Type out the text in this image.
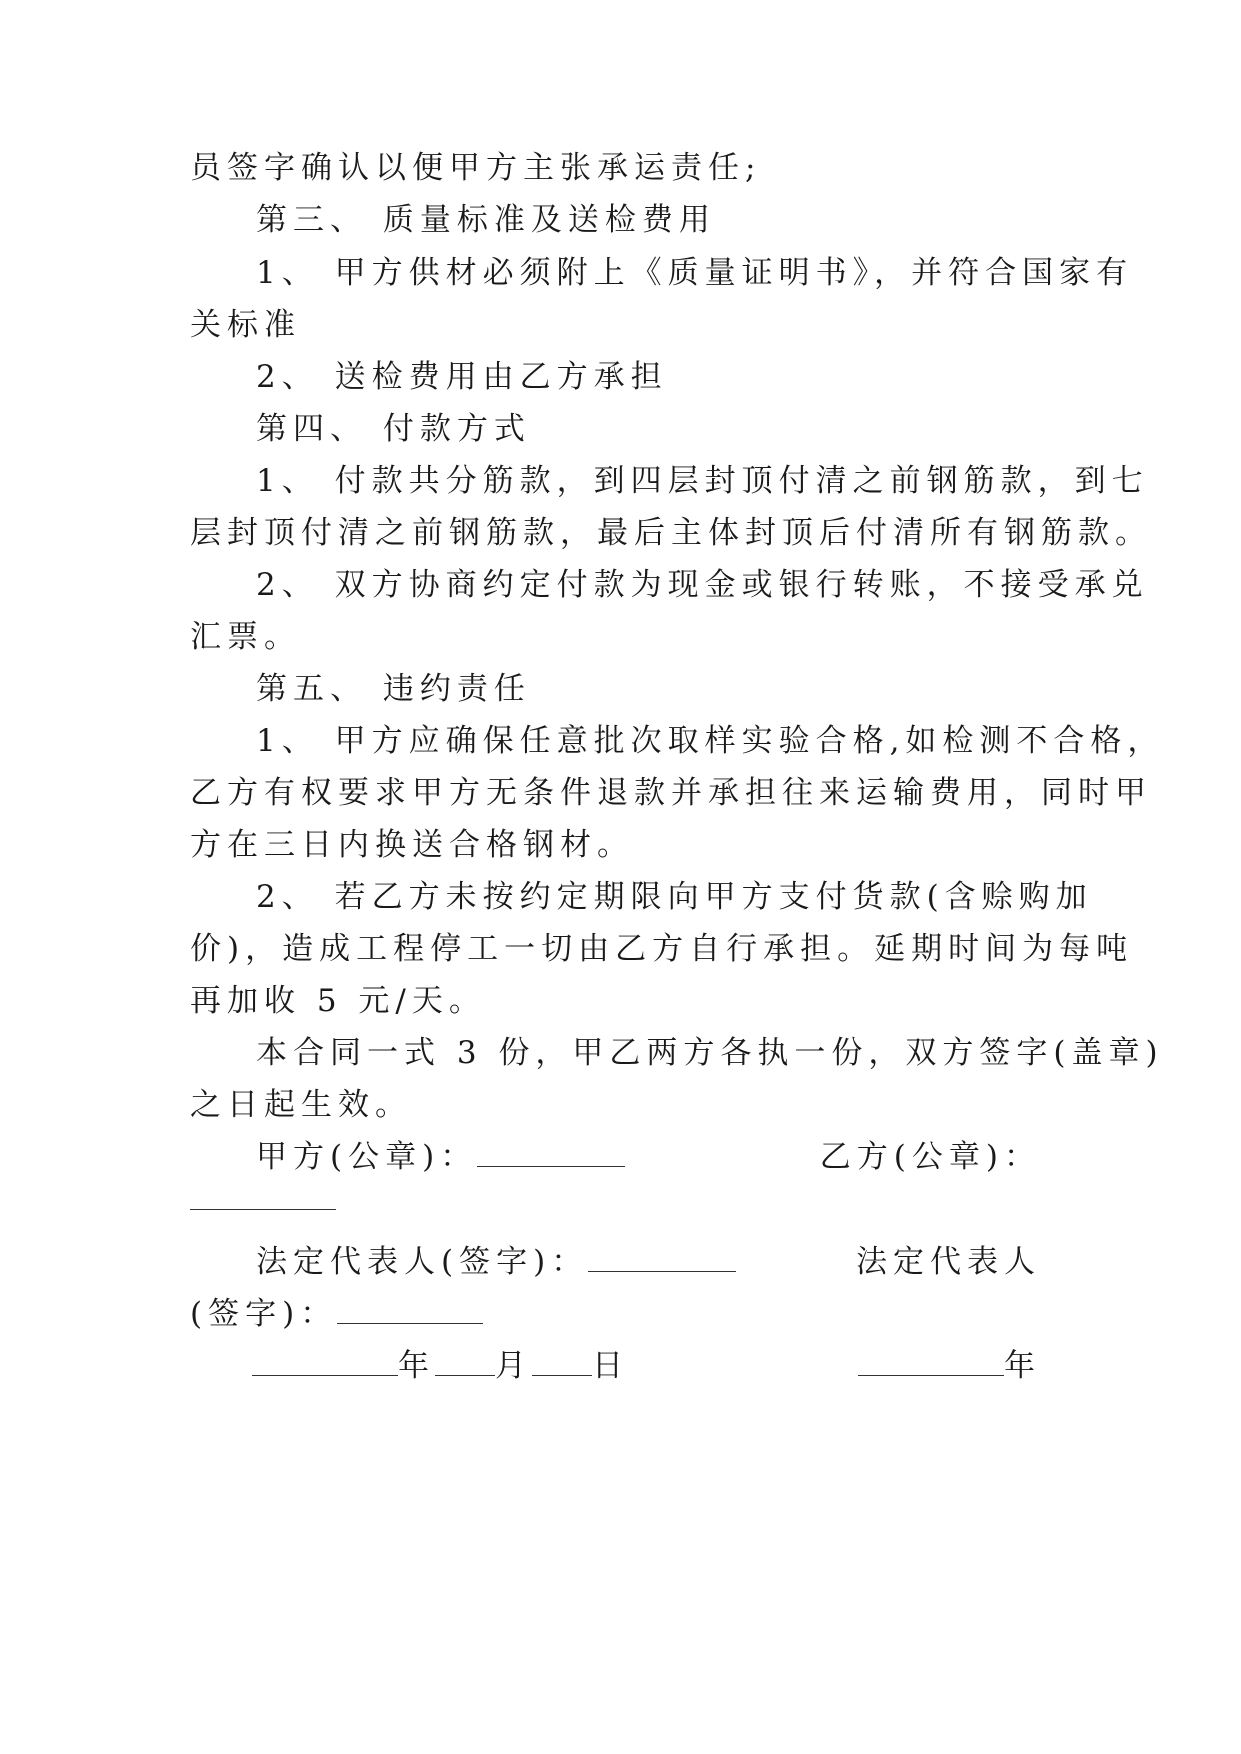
员签字确认以便甲方主张承运责任;
第三、 质量标准及送检费用
1、 甲方供材必须附上《质量证明书》，并符合国家有
关标准
2、 送检费用由乙方承担
第四、 付款方式
1、 付款共分筋款，到四层封顶付清之前钢筋款，到七
层封顶付清之前钢筋款，最后主体封顶后付清所有钢筋款。
2、 双方协商约定付款为现金或银行转账，不接受承兑
汇票。
第五、 违约责任
1、 甲方应确保任意批次取样实验合格,如检测不合格，
乙方有权要求甲方无条件退款并承担往来运输费用，同时甲
方在三日内换送合格钢材。
2、 若乙方未按约定期限向甲方支付货款(含赊购加
价)，造成工程停工一切由乙方自行承担。延期时间为每吨
再加收 5 元/天。
本合同一式 3 份，甲乙两方各执一份，双方签字(盖章)
之日起生效。
甲方(公章)：	乙方(公章)：
法定代表人(签字)：	法定代表人
(签字)：
年 月 日	年
